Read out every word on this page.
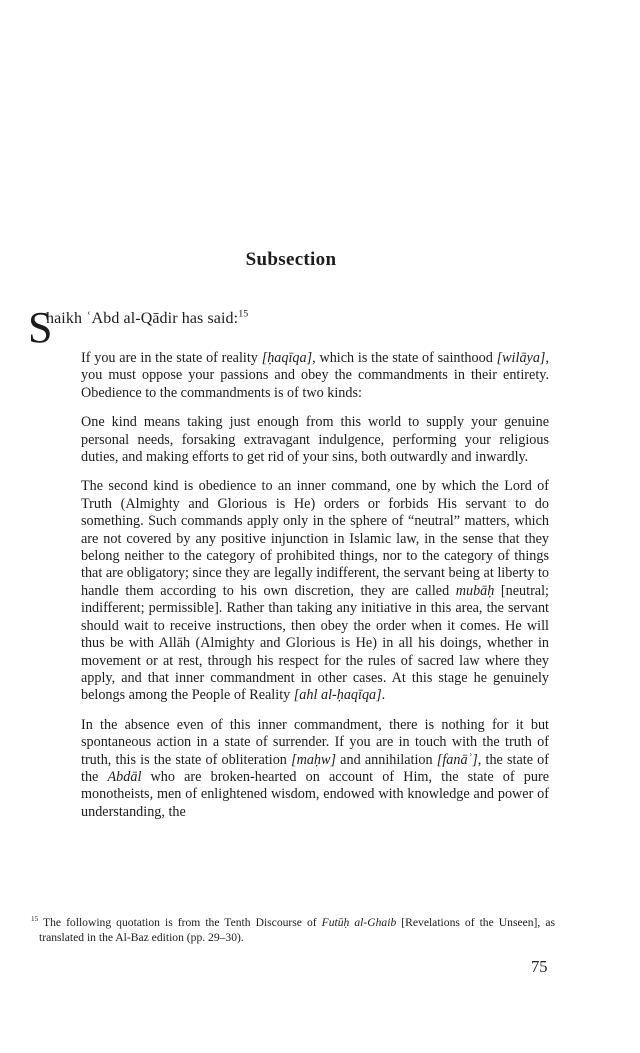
Subsection
S
haikh ʿAbd al-Qādir has said:$^{15}$

If you are in the state of reality [ḥaqīqa], which is the state of sainthood [wilāya], you must oppose your passions and obey the commandments in their entirety. Obedience to the commandments is of two kinds:

One kind means taking just enough from this world to supply your genuine personal needs, forsaking extravagant indulgence, performing your religious duties, and making efforts to get rid of your sins, both outwardly and inwardly.

The second kind is obedience to an inner command, one by which the Lord of Truth (Almighty and Glorious is He) orders or forbids His servant to do something. Such commands apply only in the sphere of “neutral” matters, which are not covered by any positive injunction in Islamic law, in the sense that they belong neither to the category of prohibited things, nor to the category of things that are obligatory; since they are legally indifferent, the servant being at liberty to handle them according to his own discretion, they are called mubāḥ [neutral; indifferent; permissible]. Rather than taking any initiative in this area, the servant should wait to receive instructions, then obey the order when it comes. He will thus be with Allāh (Almighty and Glorious is He) in all his doings, whether in movement or at rest, through his respect for the rules of sacred law where they apply, and that inner commandment in other cases. At this stage he genuinely belongs among the People of Reality [ahl al-ḥaqīqa].

In the absence even of this inner commandment, there is nothing for it but spontaneous action in a state of surrender. If you are in touch with the truth of truth, this is the state of obliteration [maḥw] and annihilation [fanāʾ], the state of the Abdāl who are broken-hearted on account of Him, the state of pure monotheists, men of enlightened wisdom, endowed with knowledge and power of understanding, the

$^{15}$ The following quotation is from the Tenth Discourse of Futūḥ al-Ghaib [Revelations of the Unseen], as translated in the Al-Baz edition (pp. 29–30).
75
